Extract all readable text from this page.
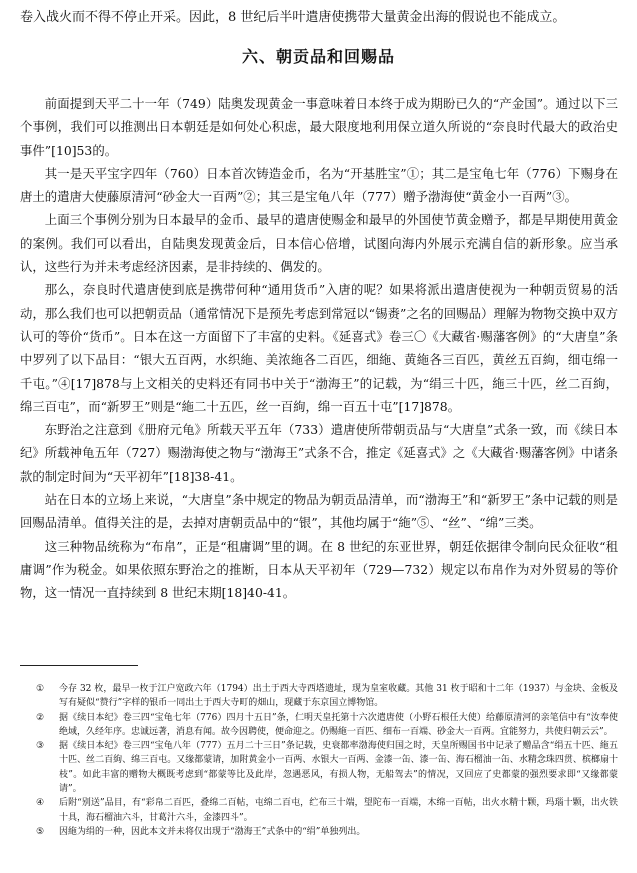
卷入战火而不得不停止开采。因此，8 世纪后半叶遣唐使携带大量黄金出海的假说也不能成立。
六、朝贡品和回赐品

前面提到天平二十一年（749）陆奥发现黄金一事意味着日本终于成为期盼已久的“产金国”。通过以下三个事例，我们可以推测出日本朝廷是如何处心积虑，最大限度地利用保立道久所说的“奈良时代最大的政治史事件”[10]53的。

其一是天平宝字四年（760）日本首次铸造金币，名为“开基胜宝”①；其二是宝龟七年（776）下赐身在唐土的遣唐大使藤原清河“砂金大一百两”②；其三是宝龟八年（777）赠予渤海使“黄金小一百两”③。

上面三个事例分别为日本最早的金币、最早的遣唐使赐金和最早的外国使节黄金赠予，都是早期使用黄金的案例。我们可以看出，自陆奥发现黄金后，日本信心倍增，试图向海内外展示充满自信的新形象。应当承认，这些行为并未考虑经济因素，是非持续的、偶发的。

那么，奈良时代遣唐使到底是携带何种“通用货币”入唐的呢？如果将派出遣唐使视为一种朝贡贸易的活动，那么我们也可以把朝贡品（通常情况下是预先考虑到常冠以“锡赉”之名的回赐品）理解为物物交换中双方认可的等价“货币”。日本在这一方面留下了丰富的史料。《延喜式》卷三〇《大藏省·赐藩客例》的“大唐皇”条中罗列了以下品目：“银大五百两，水织絁、美浓絁各二百匹，细絁、黄絁各三百匹，黄丝五百絇，细屯绵一千屯。”④[17]878与上文相关的史料还有同书中关于“渤海王”的记载，为“绢三十匹，絁三十匹，丝二百絇，绵三百屯”，而“新罗王”则是“絁二十五匹，丝一百絇，绵一百五十屯”[17]878。

东野治之注意到《册府元龟》所载天平五年（733）遣唐使所带朝贡品与“大唐皇”式条一致，而《续日本纪》所载神龟五年（727）赐渤海使之物与“渤海王”式条不合，推定《延喜式》之《大藏省·赐藩客例》中诸条款的制定时间为“天平初年”[18]38-41。

站在日本的立场上来说，“大唐皇”条中规定的物品为朝贡品清单，而“渤海王”和“新罗王”条中记载的则是回赐品清单。值得关注的是，去掉对唐朝贡品中的“银”，其他均属于“絁”⑤、“丝”、“绵”三类。

这三种物品统称为“布帛”，正是“租庸调”里的调。在 8 世纪的东亚世界，朝廷依据律令制向民众征收“租庸调”作为税金。如果依照东野治之的推断，日本从天平初年（729—732）规定以布帛作为对外贸易的等价物，这一情况一直持续到 8 世纪末期[18]40-41。

① 今存 32 枚，最早一枚于江户宽政六年（1794）出土于西大寺西塔遗址，现为皇室收藏。其他 31 枚于昭和十二年（1937）与金块、金板及写有疑似“赞行”字样的银币一同出土于西大寺町的畑山，现藏于东京国立博物馆。
② 据《续日本纪》卷三四“宝龟七年（776）四月十五日”条，仁明天皇托第十六次遣唐使（小野石根任大使）给藤原清河的亲笔信中有“汝奉使绝域，久经年序。忠诚远著，消息有闻。故今因聘使，便命迎之。仍赐絁一百匹、细布一百端、砂金大一百两。宜能努力，共使归朝云云”。
③ 据《续日本纪》卷三四“宝龟八年（777）五月二十三日”条记载，史衰都率渤海使归国之时，天皇所赐国书中记录了赠品含“绢五十匹、絁五十匹、丝二百絇、绵三百屯。又缘都蒙请，加附黄金小一百两、水银大一百两、金漆一缶、漆一缶、海石榴油一缶、水精念珠四贯、槟榔扇十枝”。如此丰富的赠物大概既考虑到“都蒙等比及此岸，忽遇恶风，有损人物，无船驾去”的情况，又回应了史都蒙的强烈要求即“又缘都蒙请”。
④ 后附“别送”品目，有“彩帛二百匹，叠绵二百帖，屯绵二百屯，纻布三十端，望陀布一百端，木绵一百帖，出火水精十颗，玛瑙十颗，出火铁十具，海石榴油六斗，甘葛汁六斗，金漆四斗”。
⑤ 因絁为绢的一种，因此本文并未将仅出现于“渤海王”式条中的“绢”单独列出。
